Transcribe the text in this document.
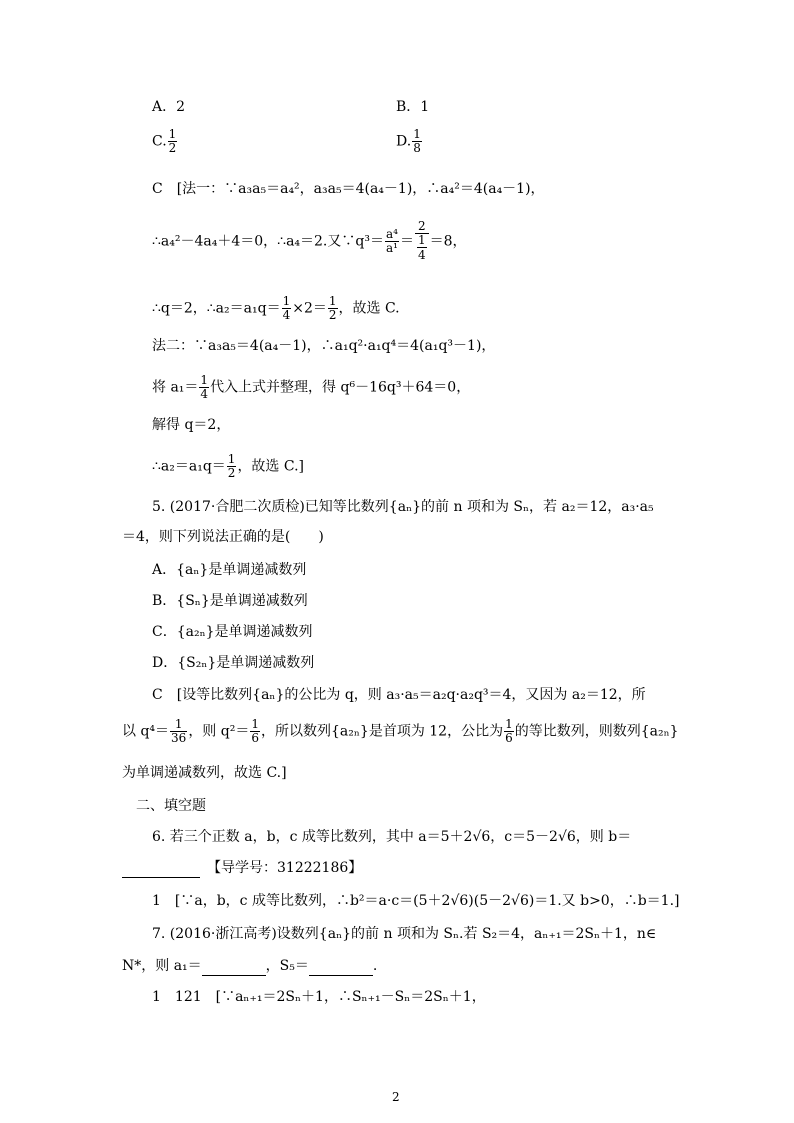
A．2	B．1
C. $\frac{1}{2}$	D. $\frac{1}{8}$
C　[法一：∵a₃a₅＝a₄²，a₃a₅＝4(a₄－1)，∴a₄²＝4(a₄－1)，
∴a₄²－4a₄＋4＝0，∴a₄＝2.又∵q³＝ $\frac{\text{a⁴}}{\text{a¹}} = \frac{2}{\frac{1}{4}} =8$，
∴q＝2，∴a₂＝a₁q＝ $\frac{1}{4} \times 2= \frac{1}{2}$ ，故选 C.
法二：∵a₃a₅＝4(a₄－1)，∴a₁q²·a₁q⁴＝4(a₁q³－1)，
将 $a_1= \frac{1}{4}$ 代入上式并整理，得 q⁶－16q³＋64＝0，
解得 q＝2，
∴a₂＝a₁q＝ $\frac{1}{2}$ ，故选 C.]
5. (2017·合肥二次质检)已知等比数列{aₙ}的前 n 项和为 Sₙ，若 a₂＝12，a₃·a₅
＝4，则下列说法正确的是(　　)
A．{aₙ}是单调递减数列
B．{Sₙ}是单调递减数列
C．{a₂ₙ}是单调递减数列
D．{S₂ₙ}是单调递减数列
C　[设等比数列{aₙ}的公比为 q，则 a₃·a₅＝a₂q·a₂q³＝4，又因为 a₂＝12，所
以 $q^4= \frac{1}{36}$ ，则 $q^2= \frac{1}{6}$ ，所以数列{a₂ₙ}是首项为 12，公比为 $\frac{1}{6}$ 的等比数列，则数列{a₂ₙ}
为单调递减数列，故选 C.]
二、填空题
6. 若三个正数 a，b，c 成等比数列，其中 a＝5＋2√6，c＝5－2√6，则 b＝
　【导学号：31222186】
1　[∵a，b，c 成等比数列，∴b²＝a·c＝(5＋2√6)(5－2√6)＝1.又 b>0，∴b＝1.]
7. (2016·浙江高考)设数列{aₙ}的前 n 项和为 Sₙ.若 S₂＝4，aₙ₊₁＝2Sₙ＋1，n∈
N*，则 a₁＝	，S₅＝	.
1　121　[∵aₙ₊₁＝2Sₙ＋1，∴Sₙ₊₁－Sₙ＝2Sₙ＋1，
2
